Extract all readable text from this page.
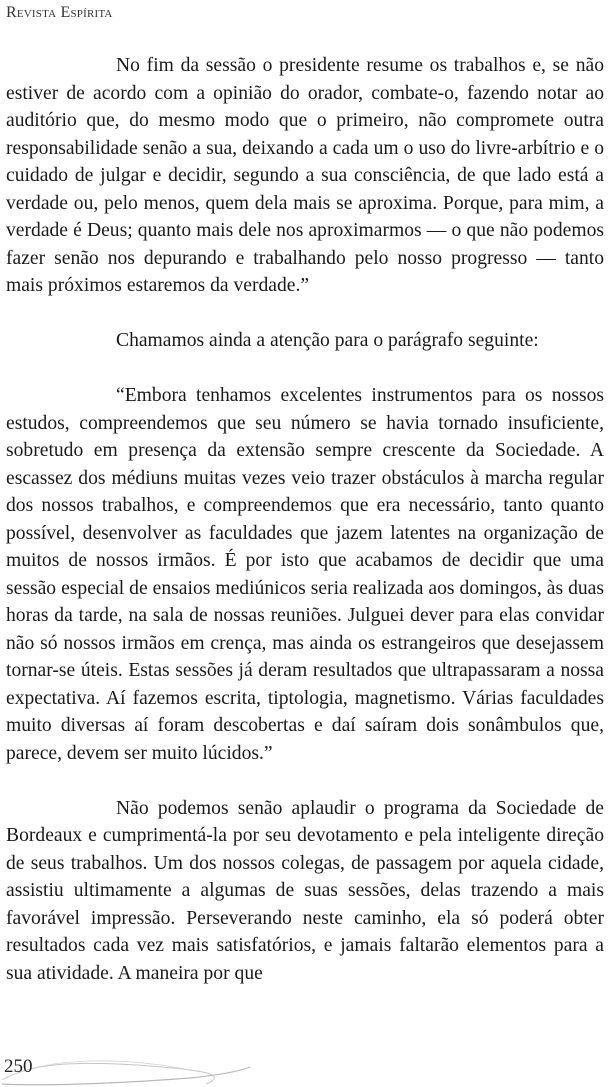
Revista Espírita

No fim da sessão o presidente resume os trabalhos e, se não estiver de acordo com a opinião do orador, combate-o, fazendo notar ao auditório que, do mesmo modo que o primeiro, não compromete outra responsabilidade senão a sua, deixando a cada um o uso do livre-arbítrio e o cuidado de julgar e decidir, segundo a sua consciência, de que lado está a verdade ou, pelo menos, quem dela mais se aproxima. Porque, para mim, a verdade é Deus; quanto mais dele nos aproximarmos — o que não podemos fazer senão nos depurando e trabalhando pelo nosso progresso — tanto mais próximos estaremos da verdade.”

Chamamos ainda a atenção para o parágrafo seguinte:

“Embora tenhamos excelentes instrumentos para os nossos estudos, compreendemos que seu número se havia tornado insuficiente, sobretudo em presença da extensão sempre crescente da Sociedade. A escassez dos médiuns muitas vezes veio trazer obstáculos à marcha regular dos nossos trabalhos, e compreendemos que era necessário, tanto quanto possível, desenvolver as faculdades que jazem latentes na organização de muitos de nossos irmãos. É por isto que acabamos de decidir que uma sessão especial de ensaios mediúnicos seria realizada aos domingos, às duas horas da tarde, na sala de nossas reuniões. Julguei dever para elas convidar não só nossos irmãos em crença, mas ainda os estrangeiros que desejassem tornar-se úteis. Estas sessões já deram resultados que ultrapassaram a nossa expectativa. Aí fazemos escrita, tiptologia, magnetismo. Várias faculdades muito diversas aí foram descobertas e daí saíram dois sonâmbulos que, parece, devem ser muito lúcidos.”

Não podemos senão aplaudir o programa da Sociedade de Bordeaux e cumprimentá-la por seu devotamento e pela inteligente direção de seus trabalhos. Um dos nossos colegas, de passagem por aquela cidade, assistiu ultimamente a algumas de suas sessões, delas trazendo a mais favorável impressão. Perseverando neste caminho, ela só poderá obter resultados cada vez mais satisfatórios, e jamais faltarão elementos para a sua atividade. A maneira por que

250
